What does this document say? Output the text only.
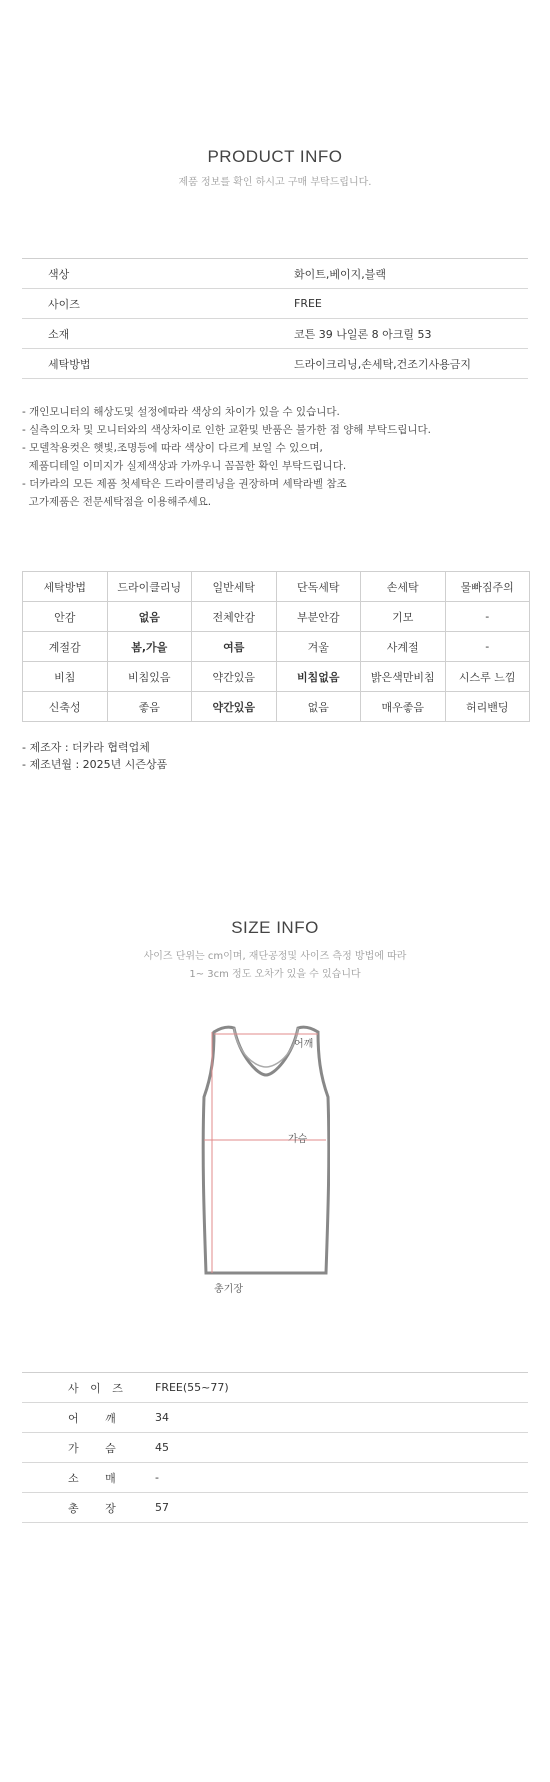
PRODUCT INFO
제품 정보를 확인 하시고 구매 부탁드립니다.
색상	화이트,베이지,블랙
사이즈	FREE
소재	코튼 39 나일론 8 아크릴 53
세탁방법	드라이크리닝,손세탁,건조기사용금지
- 개인모니터의 해상도및 설정에따라 색상의 차이가 있을 수 있습니다.
- 실측의오차 및 모니터와의 색상차이로 인한 교환및 반품은 불가한 점 양해 부탁드립니다.
- 모델착용컷은 햇빛,조명등에 따라 색상이 다르게 보일 수 있으며,
제품디테일 이미지가 실제색상과 가까우니 꼼꼼한 확인 부탁드립니다.
- 더카라의 모든 제품 첫세탁은 드라이클리닝을 권장하며 세탁라벨 참조
고가제품은 전문세탁점을 이용해주세요.
세탁방법	드라이클리닝	일반세탁	단독세탁	손세탁	물빠짐주의
안감	없음	전체안감	부분안감	기모	-
계절감	봄,가을	여름	겨울	사계절	-
비침	비침있음	약간있음	비침없음	밝은색만비침	시스루 느낌
신축성	좋음	약간있음	없음	매우좋음	허리밴딩
- 제조자 : 더카라 협력업체
- 제조년월 : 2025년 시즌상품
SIZE INFO
사이즈 단위는 cm이며, 재단공정및 사이즈 측정 방법에 따라
1~ 3cm 정도 오차가 있을 수 있습니다
어깨
가슴
총기장
사 이 즈	FREE(55~77)
어   깨	34
가   슴	45
소   매	-
총   장	57
